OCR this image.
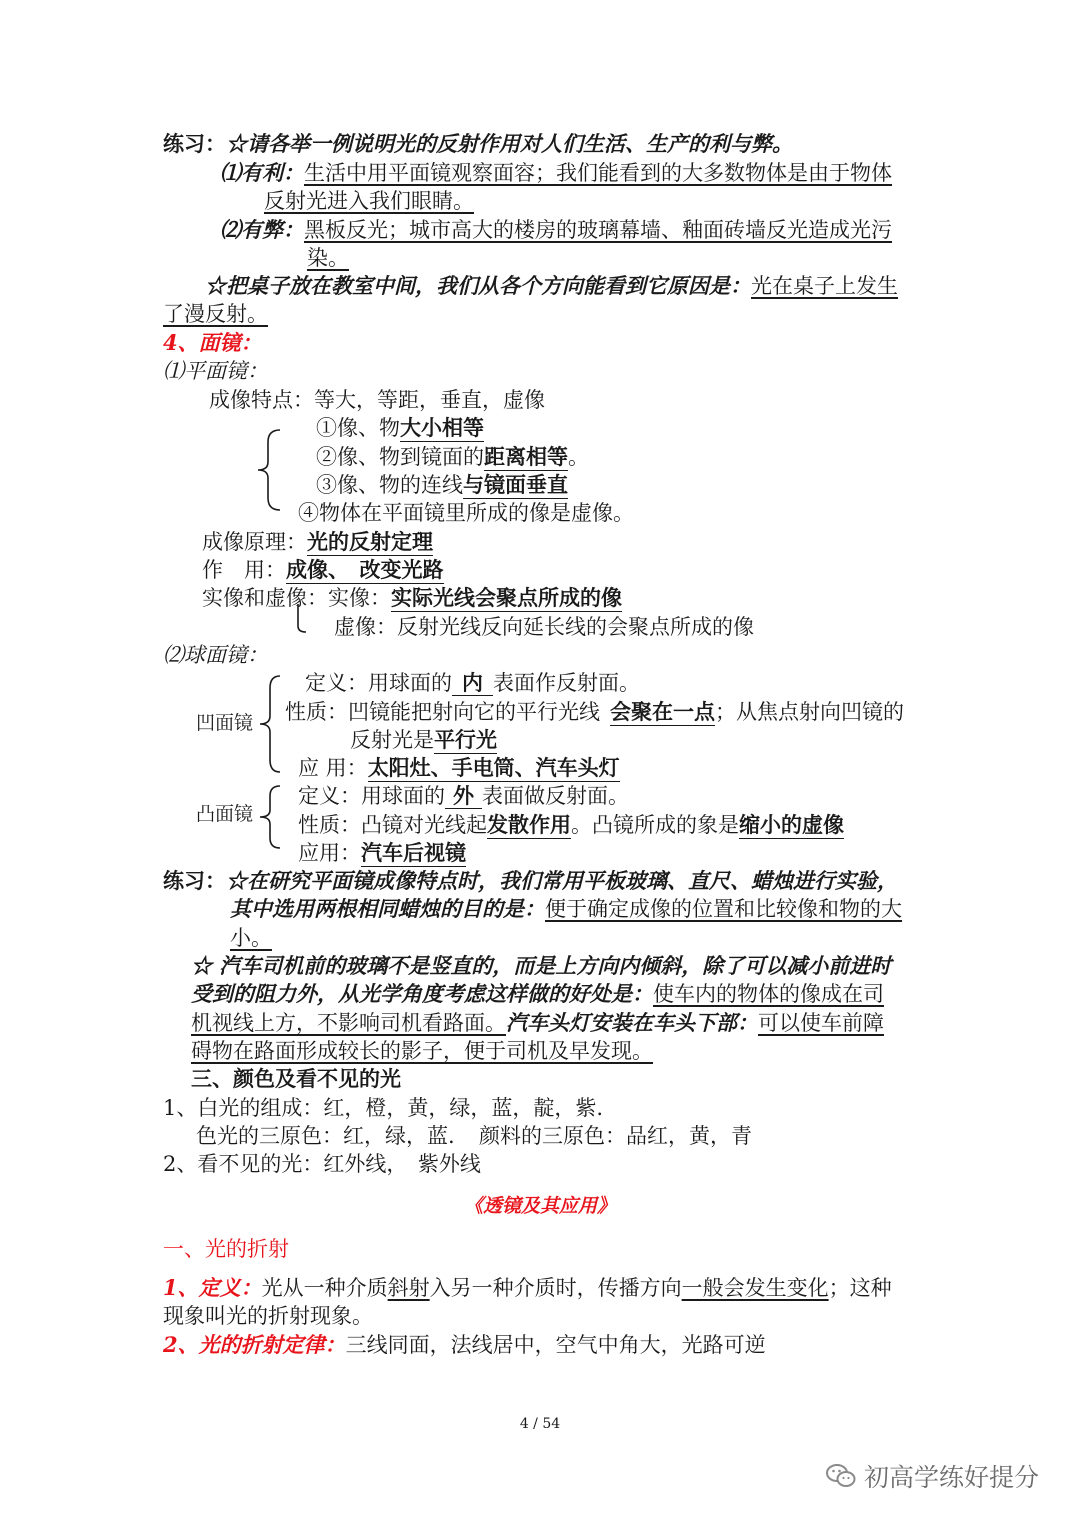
练习：☆请各举一例说明光的反射作用对人们生活、生产的利与弊。
⑴有利：生活中用平面镜观察面容；我们能看到的大多数物体是由于物体
反射光进入我们眼睛。
⑵有弊：黑板反光；城市高大的楼房的玻璃幕墙、釉面砖墙反光造成光污
染。
☆把桌子放在教室中间，我们从各个方向能看到它原因是：光在桌子上发生
了漫反射。
4、面镜：
⑴平面镜：
成像特点：等大，等距，垂直，虚像
①像、物大小相等
②像、物到镜面的距离相等。
③像、物的连线与镜面垂直
④物体在平面镜里所成的像是虚像。
成像原理：光的反射定理
作　用：成像、　改变光路
实像和虚像：实像：实际光线会聚点所成的像
虚像：反射光线反向延长线的会聚点所成的像
⑵球面镜：
凹面镜
定义：用球面的 内 表面作反射面。
性质：凹镜能把射向它的平行光线 会聚在一点；从焦点射向凹镜的
反射光是平行光
应 用：太阳灶、手电筒、汽车头灯
凸面镜
定义：用球面的 外 表面做反射面。
性质：凸镜对光线起发散作用。凸镜所成的象是缩小的虚像
应用：汽车后视镜
练习：☆在研究平面镜成像特点时，我们常用平板玻璃、直尺、蜡烛进行实验，
其中选用两根相同蜡烛的目的是：便于确定成像的位置和比较像和物的大
小。
☆ 汽车司机前的玻璃不是竖直的，而是上方向内倾斜，除了可以减小前进时
受到的阻力外，从光学角度考虑这样做的好处是：使车内的物体的像成在司
机视线上方，不影响司机看路面。汽车头灯安装在车头下部：可以使车前障
碍物在路面形成较长的影子，便于司机及早发现。
三、颜色及看不见的光
1、白光的组成：红，橙，黄，绿，蓝，靛，紫.
色光的三原色：红，绿，蓝. 颜料的三原色：品红，黄，青
2、看不见的光：红外线，　紫外线
《透镜及其应用》
一、光的折射
1、定义：光从一种介质斜射入另一种介质时，传播方向一般会发生变化；这种
现象叫光的折射现象。
2、光的折射定律：三线同面，法线居中，空气中角大，光路可逆
4 / 54
初高学练好提分
